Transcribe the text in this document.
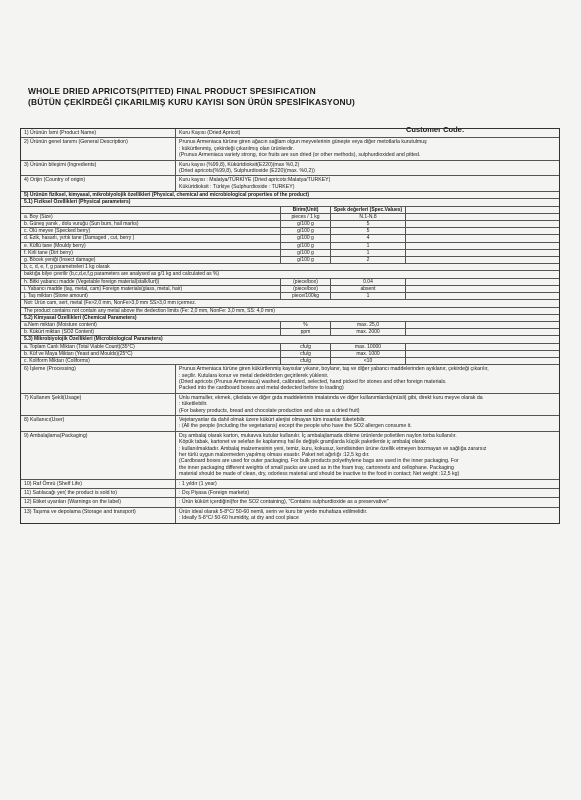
WHOLE DRIED APRICOTS(PITTED) FINAL PRODUCT SPESIFICATION
(BÜTÜN ÇEKİRDEĞİ ÇIKARILMIŞ KURU KAYISI SON ÜRÜN SPESİFİKASYONU)
Customer Code:
1) Ürünün İsmi (Product Name)	Kuru Kayısı (Dried Apricot)
2) Ürünün genel tanımı (General Description)	Prunus Armeniaca türüne giren ağacın sağlam olgun meyvelerinin güneşte veya diğer metotlarla kurutulmuş
: kükürtlenmiş, çekirdeği çıkarılmış olan ürünlerdir.
(Prunus Armeniaca variety strong, rice fruits are sun dried (or other methods), sulphurdioxided and pitted.
3) Ürünün bileşimi (Ingredients)	Kuru kayısı (%99,8), Kükürtdioksit(E220)(max %0,2)
(Dried apricots(%99,8), Sulphurdioxide (E220)(max. %0,2))
4) Orijin (Country of origin)	Kuru kayısı : Malatya/TÜRKİYE (Dried apricots:Malatya/TURKEY)
Kükürtdioksit : Türkiye (Sulphurdioxide : TURKEY)
5) Ürünün fiziksel, kimyasal, mikrobiyolojik özellikleri (Physical, chemical and microbiological properties of the product)
5.1) Fiziksel Özellikleri (Physical parameters)
Birim(Unit)	Spek değerleri (Spec.Values)
a. Boy (Size)	pieces / 1 kg	N.1-N.8
b. Güneş yanık , dolu vuruğu (Sun burn, hail marks)	g/100 g	5
c. Olü meyve (Specked berry)	g/100 g	5
d. Ezik, hasarlı, yırtık tane (Damaged , cut, berry )	g/100 g	4
e. Küflü tane (Mouldy berry)	g/100 g	1
f. Kirli tane (Dirt berry)	g/100 g	1
g. Böcek yeniği (Insect damage)	g/100 g	2
b, c, d, e, f, g parametreleri 1 kg olarak
baktığa bilye çevrilir (b,c,d,e,f,g parameters are analysed as g/1 kg and calculated as %)
h. Bitki yabancı madde (Vegetable foreign material(stalk/lurt))	(piece/box)	0.04
i. Yabancı madde (taş, metal, cam) Foreign materials(glass, metal, hair)	(piece/box)	absent
j. Taş miktarı (Stone amount)	piece/100kg	1
Not: Ürün cam, sert, metal (Fe>2,0 mm, NonFe>3,0 mm SS>3,0 mm içermez.
The product contains not contain any metal above the dedection limits (Fe: 2,0 mm, NonFe: 3,0 mm, SS: 4,0 mm)
5.2) Kimyasal Özellikleri (Chemical Parameters)
a.Nem miktarı (Moisture content)	%	max. 25,0
b. Kükürt miktarı (SO2 Content)	ppm	max. 2000
5.3) Mikrobiyolojik Özellikleri (Microbiological Parameters)
a. Toplam Canlı Miktarı (Total Viable Count)(35°C)	cfu/g	max. 10000
b. Küf ve Maya Miktarı (Yeast and Moulds)(25°C)	cfu/g	max. 1000
c. Koliform Miktarı (Coliforms)	cfu/g	<10
6) İşleme (Processing)	Prunus Armeniaca türüne giren kükürtlenmiş kayısılar yıkanır, boylanır, taş ve diğer yabancı maddelerinden ayıklanır, çekirdeği çıkarılır,
: seçilir. Kutulara konur ve metal dedektörden geçirilerek yüklenir.
(Dried apricots (Prunus Armeniaca) washed, calibrated, selected, hand picked for stones and other foreign materials.
Packed into the cardboard boxes and metal dedected before to loading)
7) Kullanım Şekli(Usage)	Unlu mamuller, ekmek, çikolata ve diğer gıda maddelerinin imalatında ve diğer kullanımlarda(müsli) gibi, direkt kuru meyve olarak da
: tüketilebilir.
(For bakery products, bread and chocolate production and also as a dried fruit)
8) Kullanıcı(User)	Vejetaryanlar da dahil olmak üzere kükürt alerjisi olmayan tüm insanlar tüketebilir.
: (All the people (including the vegetarians) except the people who have the SO2 allergen consume it.
9) Ambalajlama(Packaging)	Dış ambalaj olarak karton, mukavva kutular kullanılır. İç ambalajlamada dökme ürünlerde polietilen naylon torba kullanılır.
Köpük tabak, kartonet ve selefan ile kaplanmış hal ile değişik gramjlarda küçük paketlerde iç ambalaj olarak
: kullanılmaktadır. Ambalaj malzemesinin yeni, temiz, kuru, kokusuz, kendisinden ürüne özellik etmeyen bozmayan ve sağlığa zararsız
her türlü uygun malzemeden yapılmış olması esastır. Paket net ağırlığı :12,5 kg dır.
(Cardboard boxes are used for outer packaging. For bulk products polyethylene bags are used in the inner packaging. For
the inner packaging different weights of small packs are used as in the foam tray, cartonnets and cellophane. Packaging
material should be made of clean, dry, odorless material and should be inactive to the food in contact; Net weight :12,5 kg)
10) Raf Ömrü (Shelf Life)	: 1 yıldır (1 year)
11) Satılacağı yer( the product is sold to)	: Dış Piyasa (Foreign markets)
12) Etiket uyarıları (Warnings on the label)	: Ürün kükürt içerdiğini(for the SO2 containing), "Contains sulphurdioxide as a preservative"
13) Taşıma ve depolama (Storage and transport)	Ürün ideal olarak 5-8°C/ 50-60 nemli, serin ve kuru bir yerde muhafaza edilmelidir.
: Ideally 5-8°C/ 50-60 humidity, at dry and cool place
